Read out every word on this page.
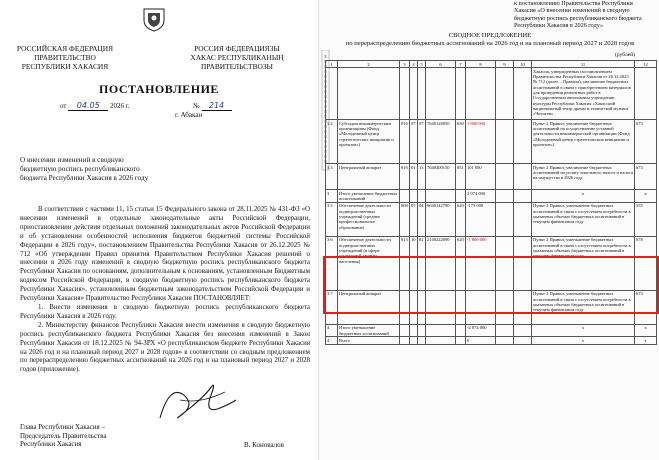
РОССИЙСКАЯ ФЕДЕРАЦИЯ
ПРАВИТЕЛЬСТВО
РЕСПУБЛИКИ ХАКАСИЯ
РОССИЯ ФЕДЕРАЦИЯЗЫ
ХАКАС РЕСПУБЛИКАНЫҢ
ПРАВИТЕЛЬСТВОЗЫ
ПОСТАНОВЛЕНИЕ
от 04.05 2026 г.	№ 214
г. Абакан
О внесении изменений в сводную бюджетную роспись республиканского бюджета Республики Хакасия в 2026 году

В соответствии с частями 11, 15 статьи 15 Федерального закона от 28.11.2025 № 431-ФЗ «О внесении изменений в отдельные законодательные акты Российской Федерации, приостановлении действия отдельных положений законодательных актов Российской Федерации и об установлении особенностей исполнения бюджетов бюджетной системы Российской Федерации в 2026 году», постановлением Правительства Республики Хакасия от 26.12.2025 № 712 «Об утверждении Правил принятия Правительством Республики Хакасия решений о внесении в 2026 году изменений в сводную бюджетную роспись республиканского бюджета Республики Хакасия по основаниям, дополнительным к основаниям, установленным Бюджетным кодексом Российской Федерации, в сводную бюджетную роспись республиканского бюджета Республики Хакасия», установленным бюджетным законодательством Российской Федерации и Республики Хакасия» Правительство Республики Хакасия ПОСТАНОВЛЯЕТ:

1. Внести изменения в сводную бюджетную роспись республиканского бюджета Республики Хакасия в 2026 году.

2. Министерству финансов Республики Хакасия внести изменения в сводную бюджетную роспись республиканского бюджета Республики Хакасия без внесения изменений в Закон Республики Хакасия от 18.12.2025 № 94-ЗРХ «О республиканском бюджете Республики Хакасия на 2026 год и на плановый период 2027 и 2028 годов» в соответствии со сводным предложением по перераспределению бюджетных ассигнований на 2026 год и на плановый период 2027 и 2028 годов (приложение).

Глава Республики Хакасия –
Председатель Правительства
Республики Хакасия	В. Коновалов
к постановлению Правительства Республики Хакасия «О внесении изменений в сводную бюджетную роспись республиканского бюджета Республики Хакасия в 2026 году»
СВОДНОЕ ПРЕДЛОЖЕНИЕ
по перераспределению бюджетных ассигнований на 2026 год и на плановый период 2027 и 2028 годов
(рублей)
1	2	3	4	5	6	7	8	9	10	11	12
										Хакасия, утвержденных постановлением Правительства Республики Хакасия от 26.12.2025 № 712 (далее – Правила); увеличение бюджетных ассигнований в связи с приобретением материалов для проведения ремонтных работ в Государственном автономном учреждении культуры Республики Хакасия «Хакасский национальный театр драмы и этнической музыки «Читиген»	
3.2	Субсидии некоммерческим организациям (Фонд «Молодежный центр стратегических инициатив и проектов»)	816	07	07	7640128050	630	1 800 000			Пункт 2 Правил; увеличение бюджетных ассигнований на осуществление уставной деятельности некоммерческой организации (Фонд «Молодежный центр стратегических инициатив и проектов»)	673
3.3	Центральный аппарат	816	01	13	7640400150	851	101 000			Пункт 2 Правил; увеличение бюджетных ассигнований на уплату земельного налога и налога на имущество в 2026 году	673
3	Итого увеличение бюджетных ассигнований						2 074 000			x	x
3.5	Обеспечение деятельности подведомственных учреждений (среднее профессиональное образование)	808	07	04	6640142790	620	-173 000			Пункт 2 Правил; уменьшение бюджетных ассигнований в связи с отсутствием потребности в указанных объемах бюджетных ассигнований в текущем финансовом году	555
3.6	Обеспечение деятельности подведомственных учреждений (в сфере социальной защиты населения)	813	10	02	2140222090	620	-1 800 000			Пункт 2 Правил; уменьшение бюджетных ассигнований в связи с отсутствием потребности в указанных объемах бюджетных ассигнований в текущем финансовом году	678
3.7	Центральный аппарат									Пункт 2 Правил; уменьшение бюджетных ассигнований в связи с отсутствием потребности в указанных объемах бюджетных ассигнований в текущем финансовом году	673
4	Итого уменьшение бюджетных ассигнований						-2 074 000			x	x
4	Всего						0			x	x
